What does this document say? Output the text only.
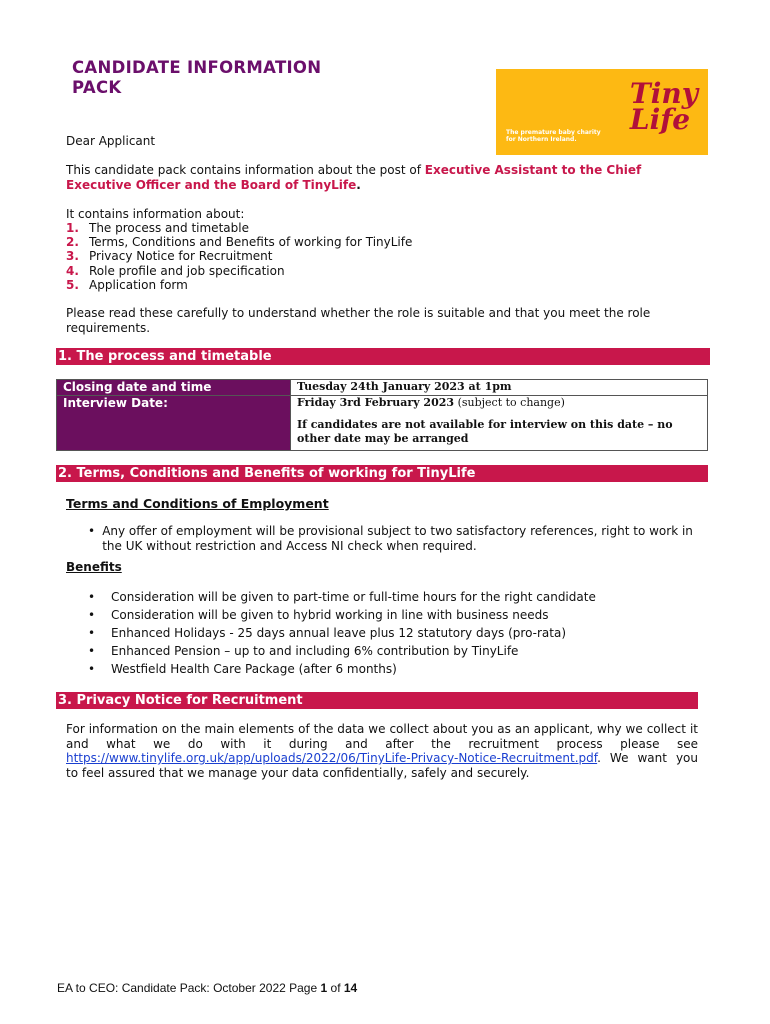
CANDIDATE INFORMATION
PACK	Tiny
Life
The premature baby charity
for Northern Ireland.
Dear Applicant
This candidate pack contains information about the post of Executive Assistant to the Chief Executive Officer and the Board of TinyLife.
It contains information about:
1. The process and timetable
2. Terms, Conditions and Benefits of working for TinyLife
3. Privacy Notice for Recruitment
4. Role profile and job specification
5. Application form
Please read these carefully to understand whether the role is suitable and that you meet the role requirements.
1. The process and timetable
Closing date and time	Tuesday 24th January 2023 at 1pm
Interview Date:	Friday 3rd February 2023 (subject to change)
If candidates are not available for interview on this date – no other date may be arranged
2. Terms, Conditions and Benefits of working for TinyLife
Terms and Conditions of Employment
• Any offer of employment will be provisional subject to two satisfactory references, right to work in the UK without restriction and Access NI check when required.
Benefits
• Consideration will be given to part-time or full-time hours for the right candidate
• Consideration will be given to hybrid working in line with business needs
• Enhanced Holidays - 25 days annual leave plus 12 statutory days (pro-rata)
• Enhanced Pension – up to and including 6% contribution by TinyLife
• Westfield Health Care Package (after 6 months)
3. Privacy Notice for Recruitment
For information on the main elements of the data we collect about you as an applicant, why we collect it and what we do with it during and after the recruitment process please see https://www.tinylife.org.uk/app/uploads/2022/06/TinyLife-Privacy-Notice-Recruitment.pdf. We want you to feel assured that we manage your data confidentially, safely and securely.
EA to CEO: Candidate Pack: October 2022 Page 1 of 14
